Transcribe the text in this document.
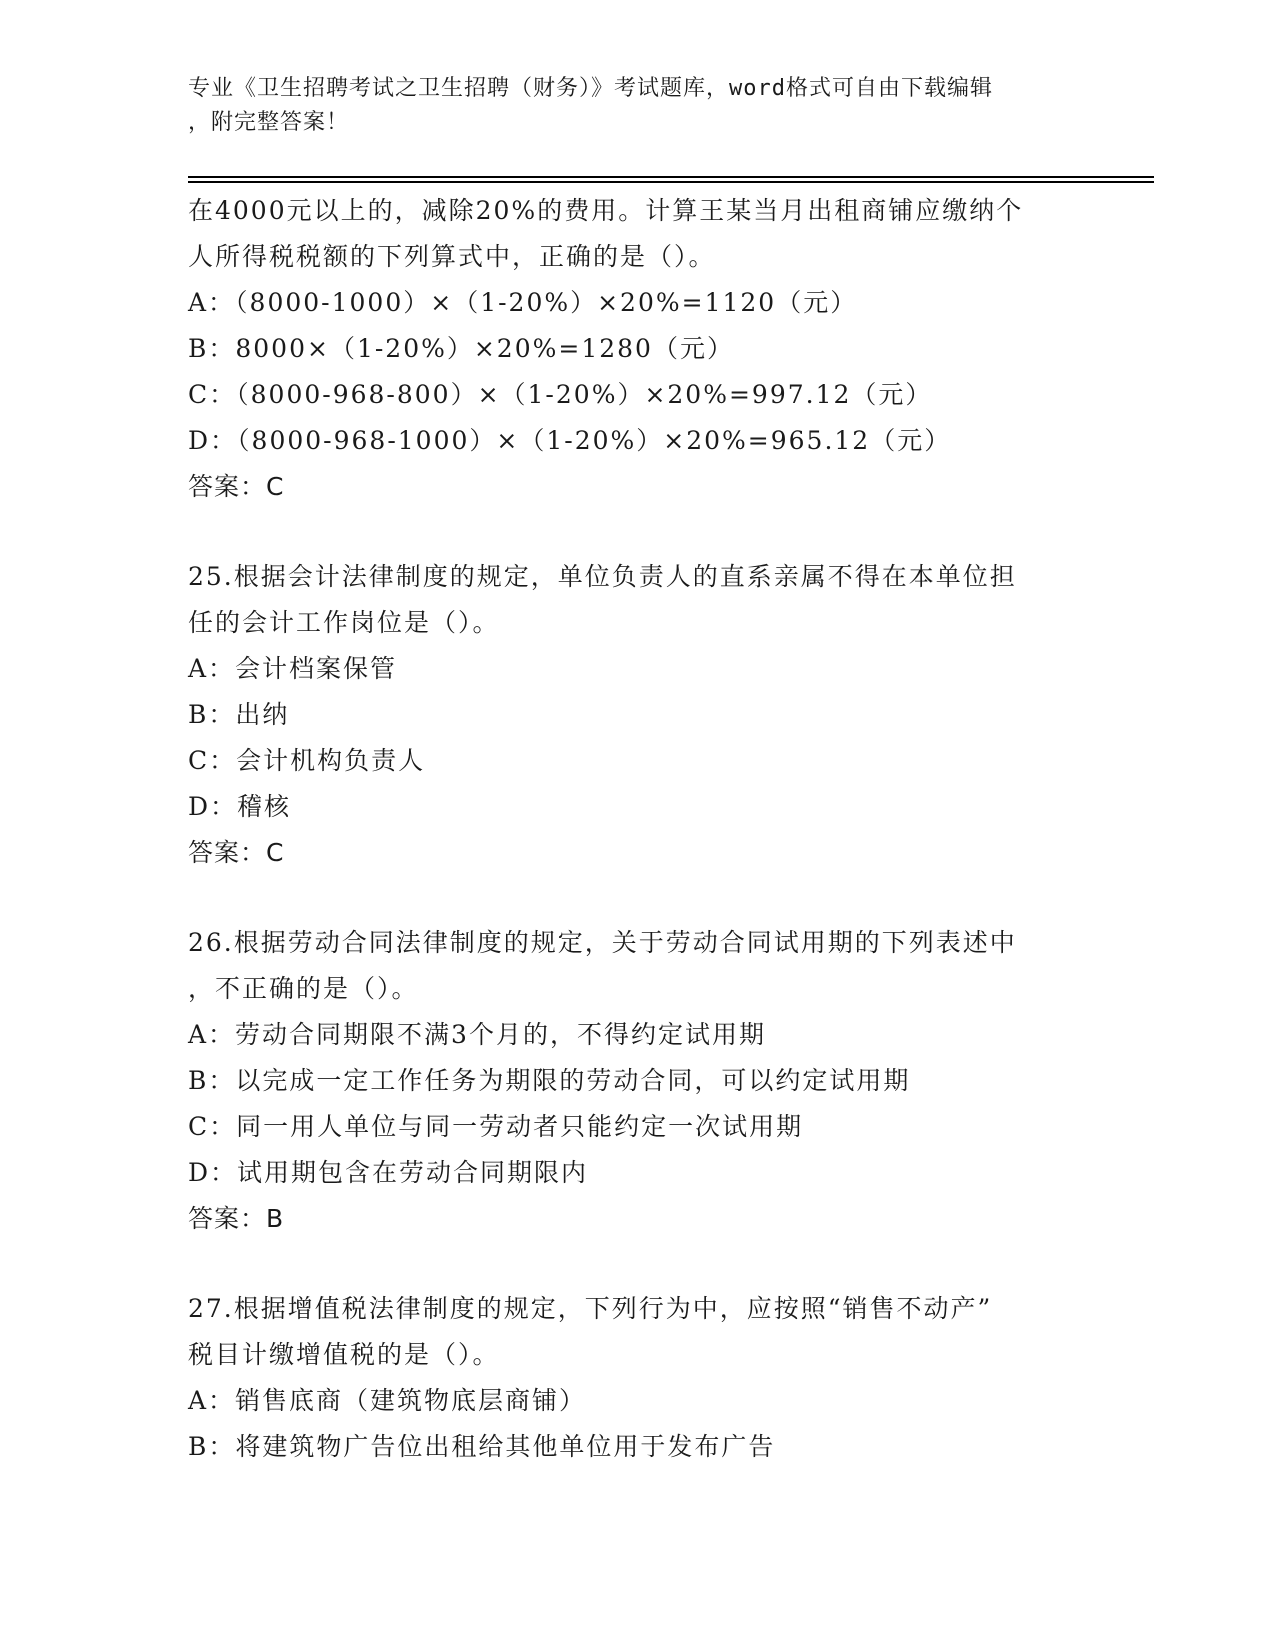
专业《卫生招聘考试之卫生招聘（财务）》考试题库，word格式可自由下载编辑
，附完整答案！
在4000元以上的，减除20%的费用。计算王某当月出租商铺应缴纳个
人所得税税额的下列算式中，正确的是（）。
A：（8000-1000）×（1-20%）×20%=1120（元）
B：8000×（1-20%）×20%=1280（元）
C：（8000-968-800）×（1-20%）×20%=997.12（元）
D：（8000-968-1000）×（1-20%）×20%=965.12（元）
答案：C
25.根据会计法律制度的规定，单位负责人的直系亲属不得在本单位担
任的会计工作岗位是（）。
A：会计档案保管
B：出纳
C：会计机构负责人
D：稽核
答案：C
26.根据劳动合同法律制度的规定，关于劳动合同试用期的下列表述中
，不正确的是（）。
A：劳动合同期限不满3个月的，不得约定试用期
B：以完成一定工作任务为期限的劳动合同，可以约定试用期
C：同一用人单位与同一劳动者只能约定一次试用期
D：试用期包含在劳动合同期限内
答案：B
27.根据增值税法律制度的规定，下列行为中，应按照“销售不动产”
税目计缴增值税的是（）。
A：销售底商（建筑物底层商铺）
B：将建筑物广告位出租给其他单位用于发布广告
